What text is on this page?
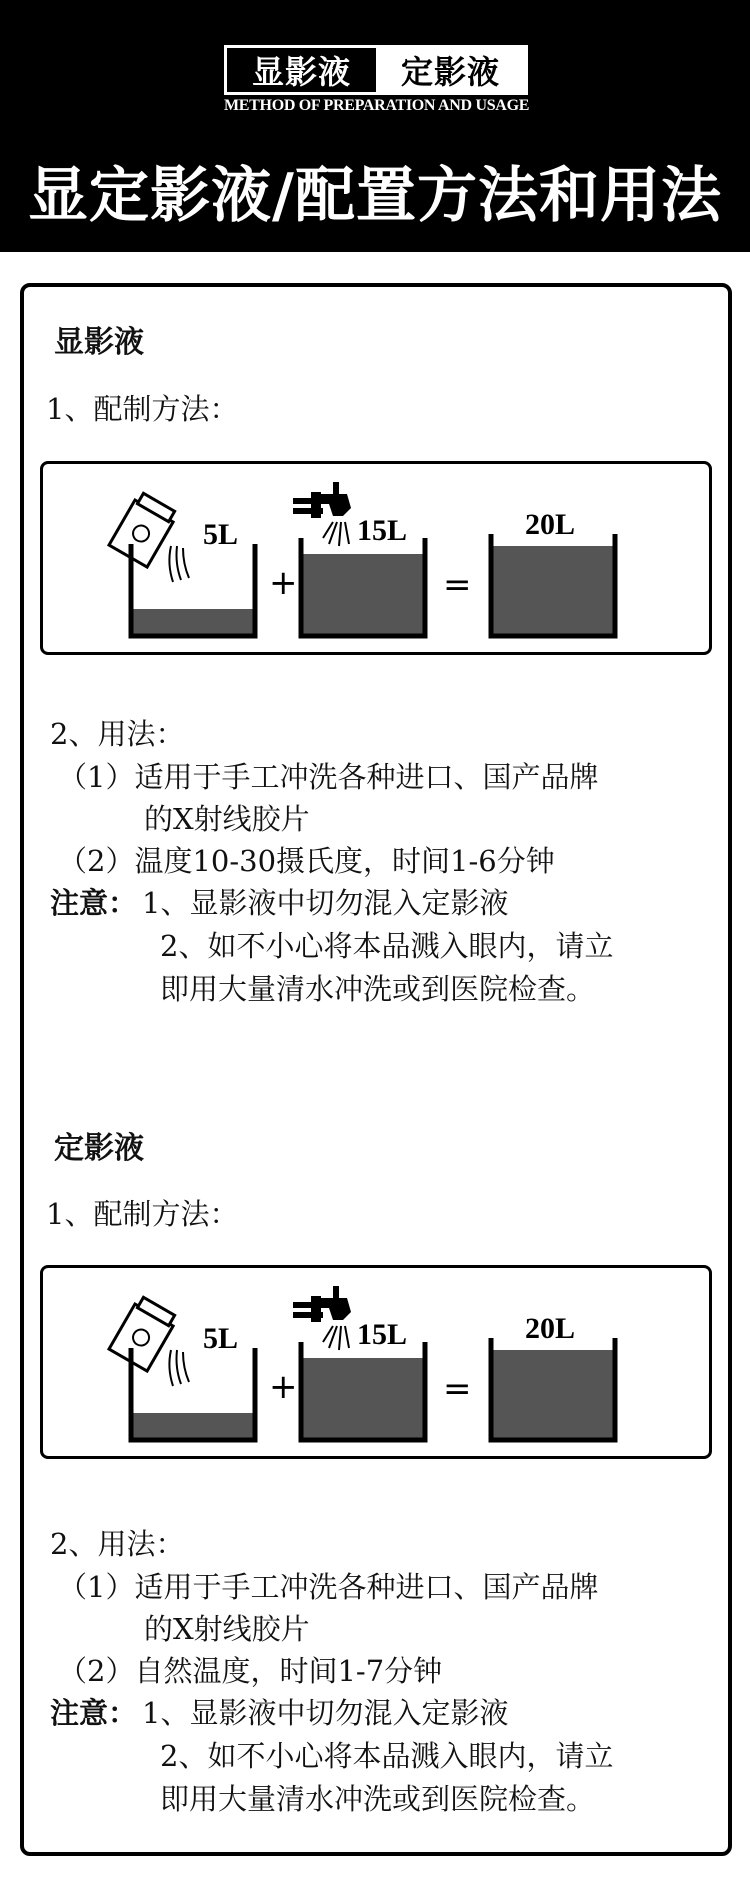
显影液	定影液
METHOD OF PREPARATION AND USAGE
显定影液/配置方法和用法
显影液
1、配制方法：
5L
+
15L
=
20L
2、用法：
（1）适用于手工冲洗各种进口、国产品牌
的X射线胶片
（2）温度10-30摄氏度，时间1-6分钟
注意： 1、显影液中切勿混入定影液
2、如不小心将本品溅入眼内，请立
即用大量清水冲洗或到医院检查。
定影液
1、配制方法：
5L
+
15L
=
20L
2、用法：
（1）适用于手工冲洗各种进口、国产品牌
的X射线胶片
（2）自然温度，时间1-7分钟
注意： 1、显影液中切勿混入定影液
2、如不小心将本品溅入眼内，请立
即用大量清水冲洗或到医院检查。
